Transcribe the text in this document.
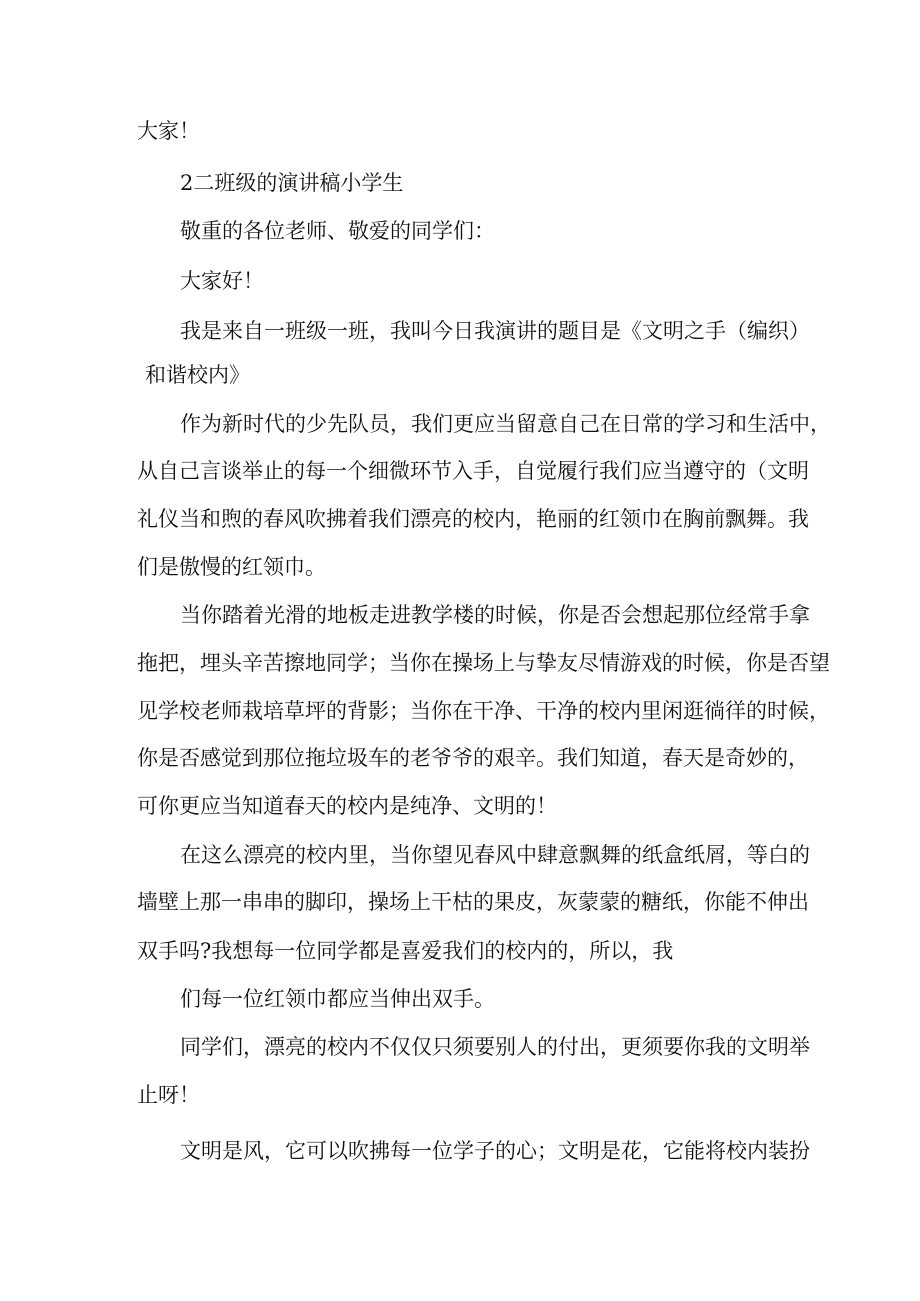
大家！
2二班级的演讲稿小学生
敬重的各位老师、敬爱的同学们：
大家好！
我是来自一班级一班，我叫今日我演讲的题目是《文明之手（编织）
和谐校内》
作为新时代的少先队员，我们更应当留意自己在日常的学习和生活中，
从自己言谈举止的每一个细微环节入手，自觉履行我们应当遵守的（文明
礼仪当和煦的春风吹拂着我们漂亮的校内，艳丽的红领巾在胸前飘舞。我
们是傲慢的红领巾。
当你踏着光滑的地板走进教学楼的时候，你是否会想起那位经常手拿
拖把，埋头辛苦擦地同学；当你在操场上与挚友尽情游戏的时候，你是否望
见学校老师栽培草坪的背影；当你在干净、干净的校内里闲逛徜徉的时候，
你是否感觉到那位拖垃圾车的老爷爷的艰辛。我们知道，春天是奇妙的，
可你更应当知道春天的校内是纯净、文明的！
在这么漂亮的校内里，当你望见春风中肆意飘舞的纸盒纸屑，等白的
墙壁上那一串串的脚印，操场上干枯的果皮，灰蒙蒙的糖纸，你能不伸出
双手吗?我想每一位同学都是喜爱我们的校内的，所以，我
们每一位红领巾都应当伸出双手。
同学们，漂亮的校内不仅仅只须要别人的付出，更须要你我的文明举
止呀！
文明是风，它可以吹拂每一位学子的心；文明是花，它能将校内装扮
